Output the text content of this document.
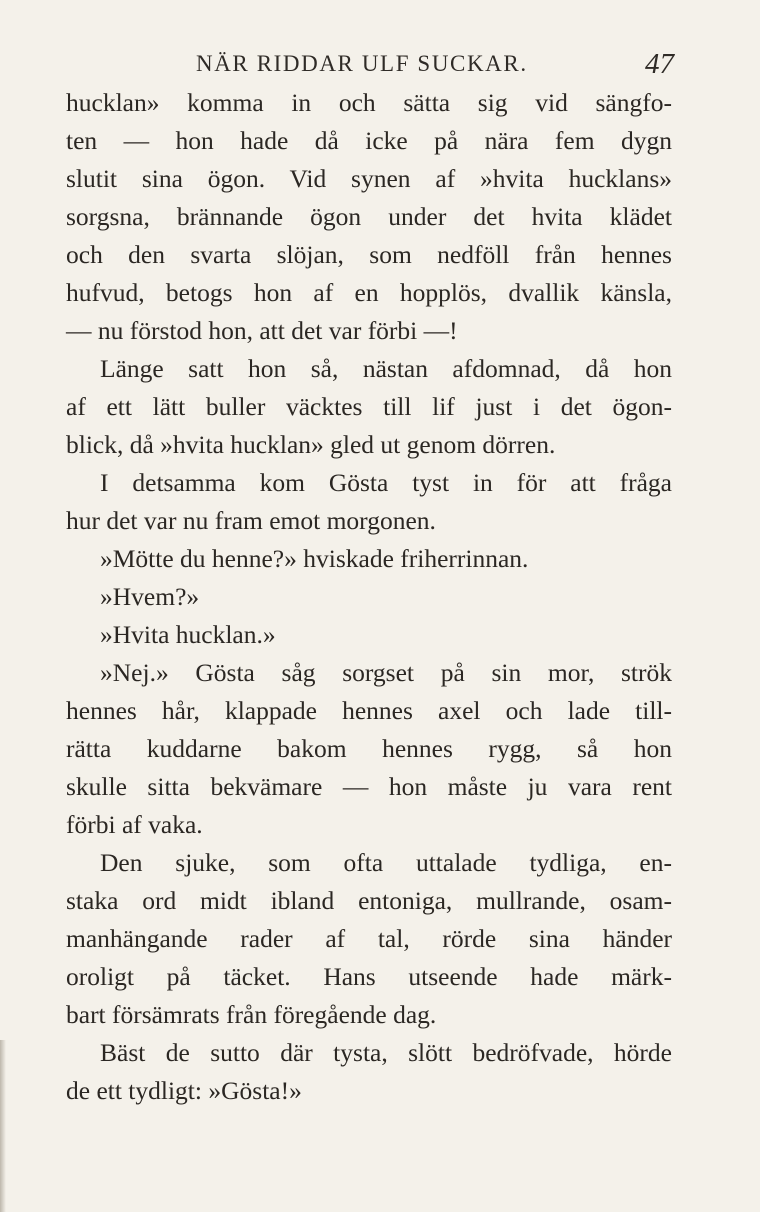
NÄR RIDDAR ULF SUCKAR.	47
hucklan» komma in och sätta sig vid sängfo-
ten — hon hade då icke på nära fem dygn
slutit sina ögon. Vid synen af »hvita hucklans»
sorgsna, brännande ögon under det hvita klädet
och den svarta slöjan, som nedföll från hennes
hufvud, betogs hon af en hopplös, dvallik känsla,
— nu förstod hon, att det var förbi —!
Länge satt hon så, nästan afdomnad, då hon
af ett lätt buller väcktes till lif just i det ögon-
blick, då »hvita hucklan» gled ut genom dörren.
I detsamma kom Gösta tyst in för att fråga
hur det var nu fram emot morgonen.
»Mötte du henne?» hviskade friherrinnan.
»Hvem?»
»Hvita hucklan.»
»Nej.» Gösta såg sorgset på sin mor, strök
hennes hår, klappade hennes axel och lade till-
rätta kuddarne bakom hennes rygg, så hon
skulle sitta bekvämare — hon måste ju vara rent
förbi af vaka.
Den sjuke, som ofta uttalade tydliga, en-
staka ord midt ibland entoniga, mullrande, osam-
manhängande rader af tal, rörde sina händer
oroligt på täcket. Hans utseende hade märk-
bart försämrats från föregående dag.
Bäst de sutto där tysta, slött bedröfvade, hörde
de ett tydligt: »Gösta!»
